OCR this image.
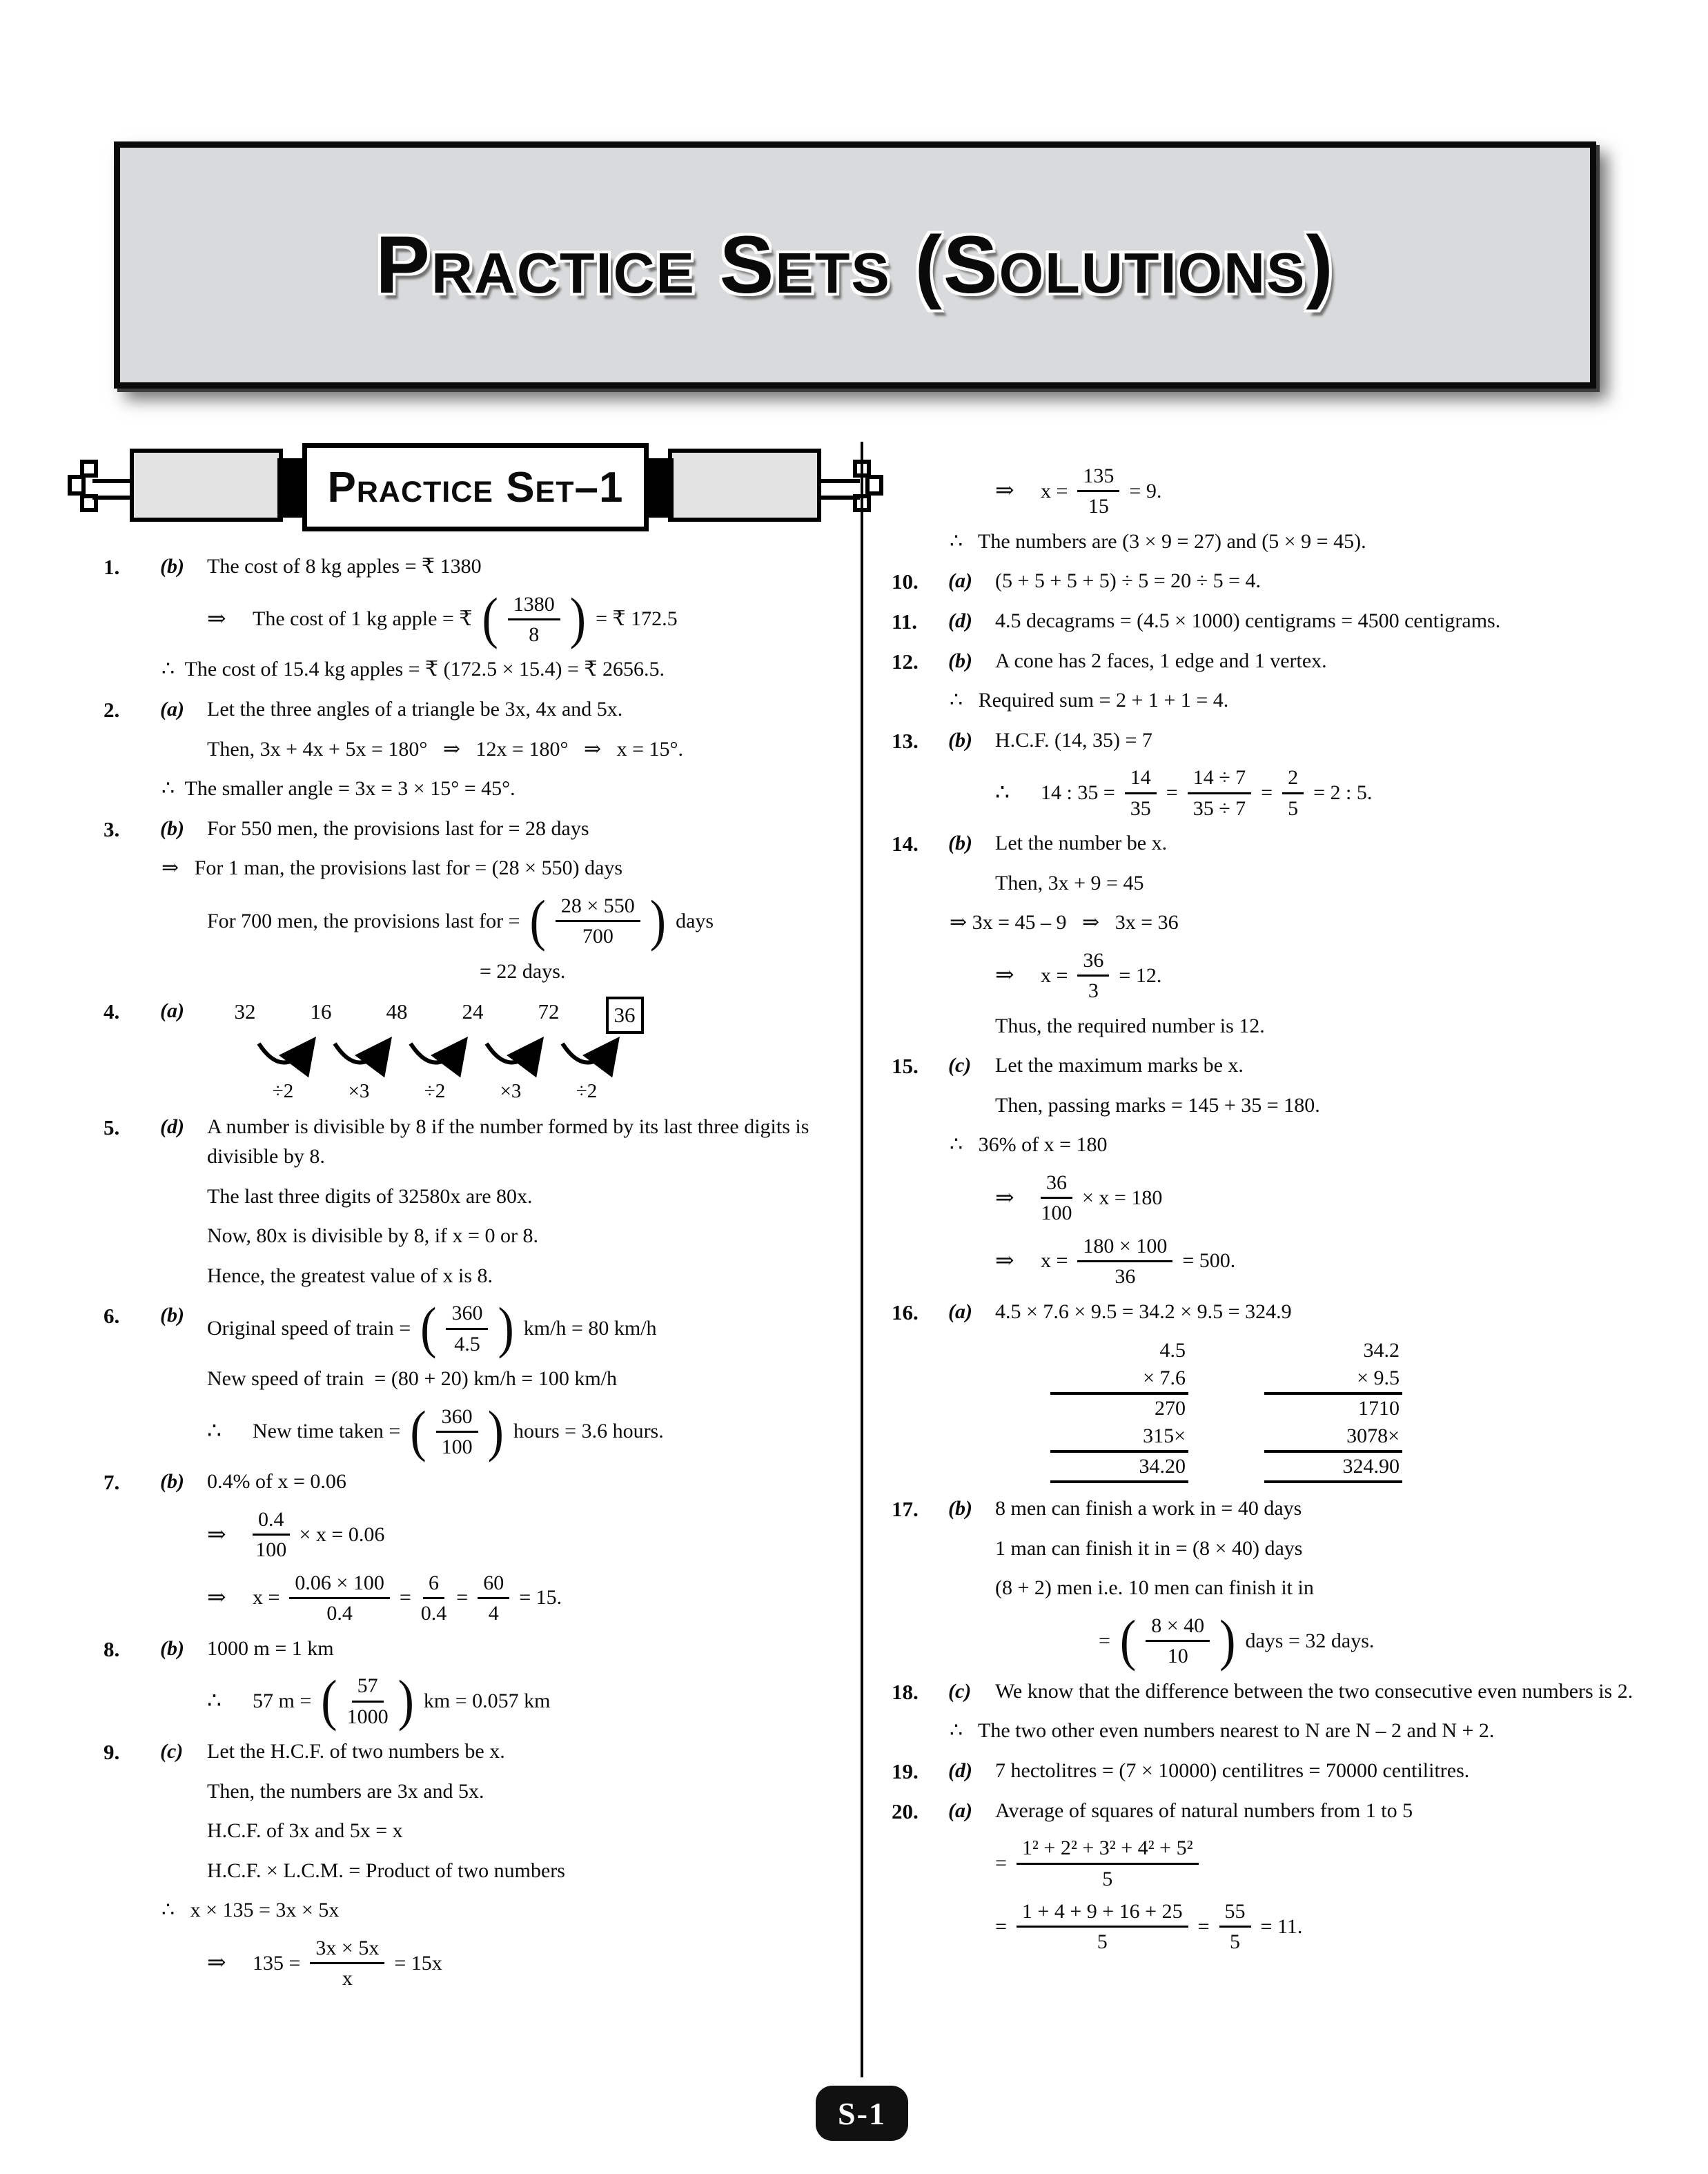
Practice Sets (Solutions)
Practice Set–1
1. (b) The cost of 8 kg apples = ₹ 1380
⇒	The cost of 1 kg apple = ₹ ( $\frac{1380}{8}$ ) = ₹ 172.5
∴  The cost of 15.4 kg apples = ₹ (172.5 × 15.4) = ₹ 2656.5.
2. (a) Let the three angles of a triangle be 3x, 4x and 5x.
Then, 3x + 4x + 5x = 180°   ⇒   12x = 180°   ⇒   x = 15°.
∴  The smaller angle = 3x = 3 × 15° = 45°.
3. (b) For 550 men, the provisions last for = 28 days
⇒   For 1 man, the provisions last for = (28 × 550) days
For 700 men, the provisions last for = ( $\frac{28 \times 550}{700}$ ) days
= 22 days.
4. (a)	32	16	48	24	72	36
÷2	×3	÷2	×3	÷2
5. (d) A number is divisible by 8 if the number formed by its last three digits is divisible by 8.
The last three digits of 32580x are 80x.
Now, 80x is divisible by 8, if x = 0 or 8.
Hence, the greatest value of x is 8.
6. (b)
Original speed of train = ( $\frac{360}{4.5}$ ) km/h = 80 km/h
New speed of train  = (80 + 20) km/h = 100 km/h
∴	New time taken = ( $\frac{360}{100}$ ) hours = 3.6 hours.
7. (b) 0.4% of x = 0.06
⇒	$\frac{0.4}{100} \times x = 0.06$
⇒	$x = \frac{0.06 \times 100}{0.4} = \frac{6}{0.4} = \frac{60}{4} = 15$.
8. (b) 1000 m = 1 km
∴	57 m = ( $\frac{57}{1000}$ ) km = 0.057 km
9. (c) Let the H.C.F. of two numbers be x.
Then, the numbers are 3x and 5x.
H.C.F. of 3x and 5x = x
H.C.F. × L.C.M. = Product of two numbers
∴   x × 135 = 3x × 5x
⇒	$135 = \frac{3x \times 5x}{x} = 15x$
⇒	$x = \frac{135}{15} = 9$.
∴   The numbers are (3 × 9 = 27) and (5 × 9 = 45).
10. (a) (5 + 5 + 5 + 5) ÷ 5 = 20 ÷ 5 = 4.
11. (d) 4.5 decagrams = (4.5 × 1000) centigrams = 4500 centigrams.
12. (b) A cone has 2 faces, 1 edge and 1 vertex.
∴   Required sum = 2 + 1 + 1 = 4.
13. (b) H.C.F. (14, 35) = 7
∴	14 : $35 = \frac{14}{35} = \frac{14 \div 7}{35 \div 7} = \frac{2}{5} = 2$ : 5.
14. (b) Let the number be x.
Then, 3x + 9 = 45
⇒ 3x = 45 – 9   ⇒   3x = 36
⇒	$x = \frac{36}{3} = 12$.
Thus, the required number is 12.
15. (c) Let the maximum marks be x.
Then, passing marks = 145 + 35 = 180.
∴   36% of x = 180
⇒	$\frac{36}{100} \times x = 180$
⇒	$x = \frac{180 \times 100}{36} = 500$.
16. (a) 4.5 × 7.6 × 9.5 = 34.2 × 9.5 = 324.9
4.5
× 7.6
270
315×
34.20
34.2
× 9.5
1710
3078×
324.90
17. (b) 8 men can finish a work in = 40 days
1 man can finish it in = (8 × 40) days
(8 + 2) men i.e. 10 men can finish it in
= ( $\frac{8 \times 40}{10}$ ) days = 32 days.
18. (c) We know that the difference between the two consecutive even numbers is 2.
∴   The two other even numbers nearest to N are N – 2 and N + 2.
19. (d) 7 hectolitres = (7 × 10000) centilitres = 70000 centilitres.
20. (a) Average of squares of natural numbers from 1 to 5
= $\frac{\text{1² + 2² + 3² + 4² + 5²}}{5}$
= $\frac{1 + 4 + 9 + 16 + 25}{5} = \frac{55}{5} = 11$.
S-1
